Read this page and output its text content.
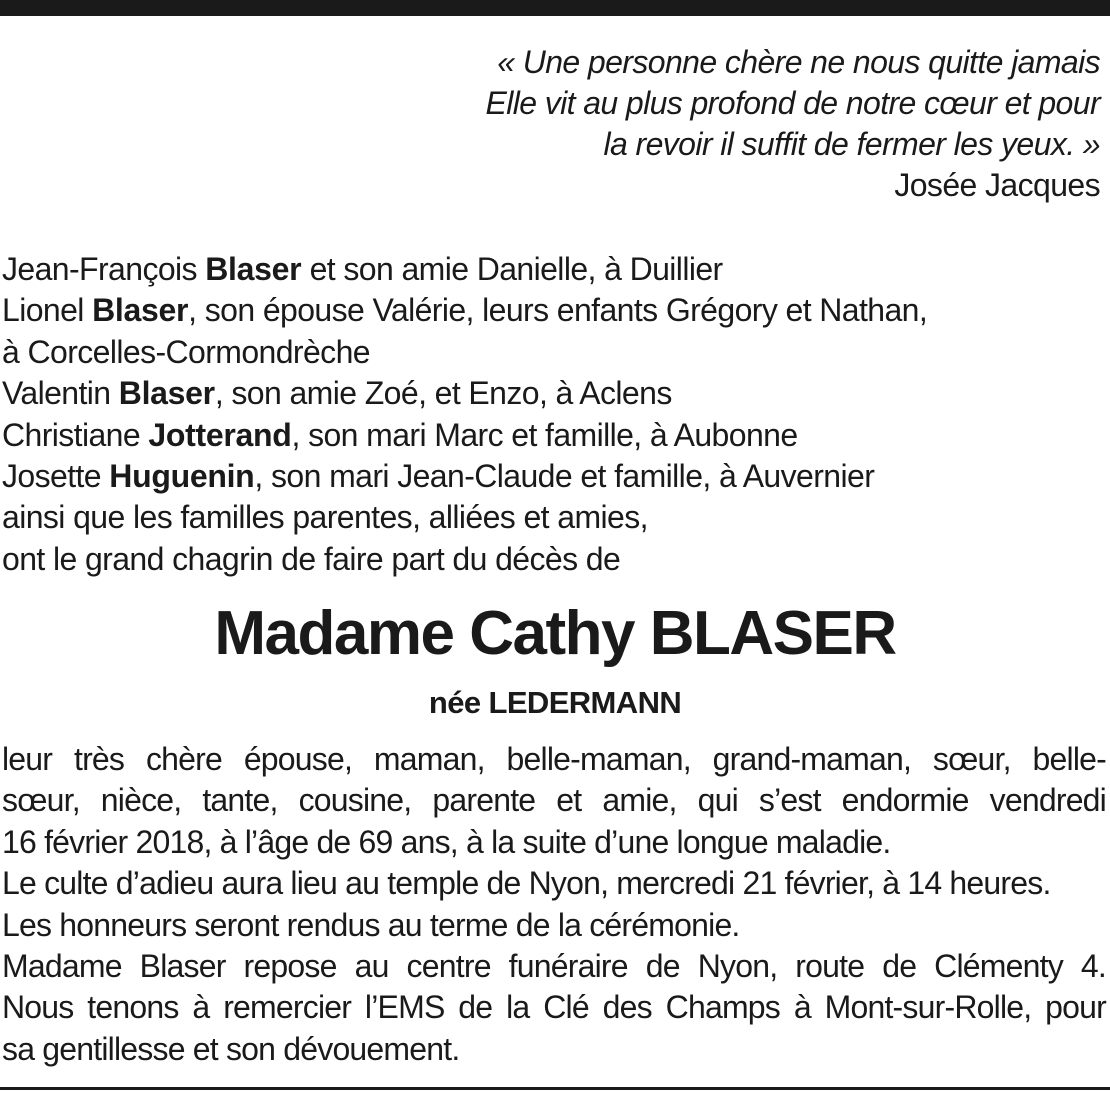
« Une personne chère ne nous quitte jamais
Elle vit au plus profond de notre cœur et pour
la revoir il suffit de fermer les yeux. »
Josée Jacques
Jean-François Blaser et son amie Danielle, à Duillier
Lionel Blaser, son épouse Valérie, leurs enfants Grégory et Nathan,
à Corcelles-Cormondrèche
Valentin Blaser, son amie Zoé, et Enzo, à Aclens
Christiane Jotterand, son mari Marc et famille, à Aubonne
Josette Huguenin, son mari Jean-Claude et famille, à Auvernier
ainsi que les familles parentes, alliées et amies,
ont le grand chagrin de faire part du décès de
Madame Cathy BLASER
née LEDERMANN
leur très chère épouse, maman, belle-maman, grand-maman, sœur, belle-
sœur, nièce, tante, cousine, parente et amie, qui s’est endormie vendredi
16 février 2018, à l’âge de 69 ans, à la suite d’une longue maladie.
Le culte d’adieu aura lieu au temple de Nyon, mercredi 21 février, à 14 heures.
Les honneurs seront rendus au terme de la cérémonie.
Madame Blaser repose au centre funéraire de Nyon, route de Clémenty 4.
Nous tenons à remercier l’EMS de la Clé des Champs à Mont-sur-Rolle, pour
sa gentillesse et son dévouement.
